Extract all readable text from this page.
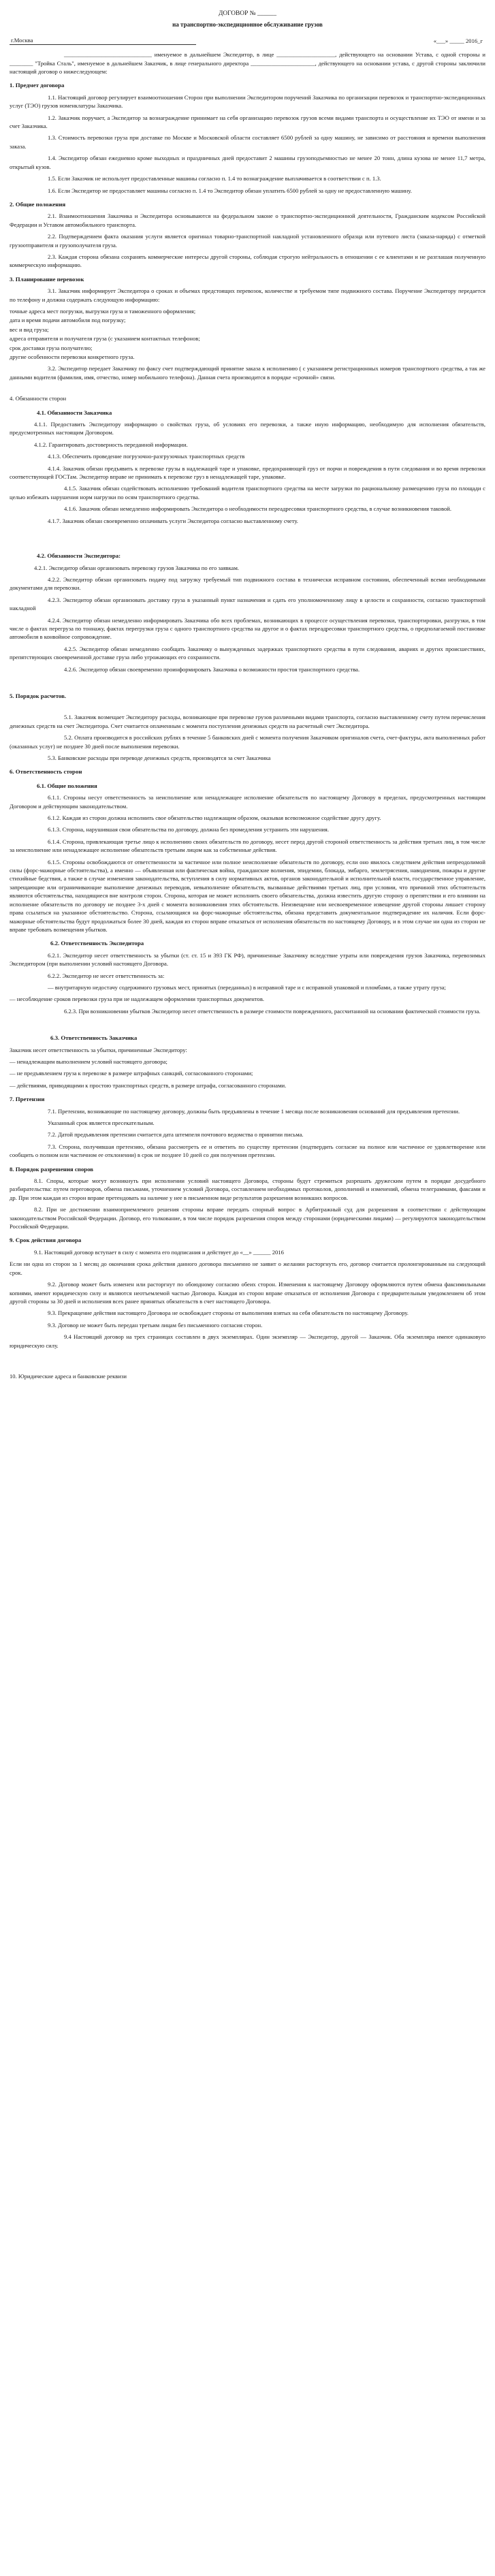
ДОГОВОР № ______
на транспортно-экспедиционное обслуживание грузов
г.Москва	«___» _____ 2016_г

______________________________ именуемое в дальнейшем Экспедитор, в лице ____________________, действующего на основании Устава, с одной стороны и ________ "Тройка Сталь", именуемое в дальнейшем Заказчик, в лице генерального директора ______________________, действующего на основании устава, с другой стороны заключили настоящий договор о нижеследующем:

1. Предмет договора

1.1. Настоящий договор регулирует взаимоотношения Сторон при выполнении Экспедитором поручений Заказчика по организации перевозок и транспортно-экспедиционных услуг (ТЭО) грузов номенклатуры Заказчика.

1.2. Заказчик поручает, а Экспедитор за вознаграждение принимает на себя организацию перевозок грузов всеми видами транспорта и осуществление их ТЭО от имени и за счет Заказчика.

1.3. Стоимость перевозки груза при доставке по Москве и Московской области составляет 6500 рублей за одну машину, не зависимо от расстояния и времени выполнения заказа.

1.4. Экспедитор обязан ежедневно кроме выходных и праздничных дней предоставит 2 машины грузоподъемностью не менее 20 тонн, длина кузова не менее 11,7 метра, открытый кузов.

1.5. Если Заказчик не использует предоставленные машины согласно п. 1.4 то вознаграждение выплачивается в соответствии с п. 1.3.

1.6. Если Экспедитор не предоставляет машины согласно п. 1.4 то Экспедитор обязан уплатить 6500 рублей за одну не предоставленную машину.

2. Общие положения

2.1. Взаимоотношения Заказчика и Экспедитора основываются на федеральном законе о транспортно-экспедиционной деятельности, Гражданским кодексом Российской Федерации и Уставом автомобильного транспорта.

2.2. Подтверждением факта оказания услуги является оригинал товарно-транспортной накладной установленного образца или путевого листа (заказа-наряда) с отметкой грузоотправителя и грузополучателя груза.

2.3. Каждая сторона обязана сохранять коммерческие интересы другой стороны, соблюдая строгую нейтральность в отношении с ее клиентами и не разглашая полученную коммерческую информацию.

3. Планирование перевозок

3.1. Заказчик информирует Экспедитора о сроках и объемах предстоящих перевозок, количестве и требуемом типе подвижного состава. Поручение Экспедитору передается по телефону и должна содержать следующую информацию:

точные адреса мест погрузки, выгрузки груза и таможенного оформления;
дата и время подачи автомобиля под погрузку;
вес и вид груза;
адреса отправителя и получателя груза (с указанием контактных телефонов;
срок доставки груза получателю;
другие особенности перевозки конкретного груза.

3.2. Экспедитор передает Заказчику по факсу счет подтверждающий принятие заказа к исполнению ( с указанием регистрационных номеров транспортного средства, а так же данными водителя (фамилия, имя, отчество, номер мобильного телефона). Данная счета производится в порядке «срочной» связи.

4. Обязанности сторон

4.1. Обязанности Заказчика

4.1.1. Предоставить Экспедитору информацию о свойствах груза, об условиях его перевозки, а также иную информацию, необходимую для исполнения обязательств, предусмотренных настоящим Договором.

4.1.2. Гарантировать достоверность переданной информации.

4.1.3. Обеспечить проведение погрузочно-разгрузочных транспортных средств

4.1.4. Заказчик обязан предъявить к перевозке грузы в надлежащей таре и упаковке, предохраняющей груз от порчи и повреждения в пути следования и во время перевозки соответствующей ГОСТам. Экспедитор вправе не принимать к перевозке груз в ненадлежащей таре, упаковке.

4.1.5. Заказчик обязан содействовать исполнению требований водителя транспортного средства на месте загрузки по рациональному размещению груза по площади с целью избежать нарушения норм нагрузки по осям транспортного средства.

4.1.6. Заказчик обязан немедленно информировать Экспедитора о необходимости переадресовки транспортного средства, в случае возникновения таковой.

4.1.7. Заказчик обязан своевременно оплачивать услуги Экспедитора согласно выставленному счету.

4.2. Обязанности Экспедитора:

4.2.1. Экспедитор обязан организовать перевозку грузов Заказчика по его заявкам.

4.2.2. Экспедитор обязан организовать подачу под загрузку требуемый тип подвижного состава в технически исправном состоянии, обеспеченный всеми необходимыми документами для перевозки.

4.2.3. Экспедитор обязан организовать доставку груза в указанный пункт назначения и сдать его уполномоченному лицу в целости и сохранности, согласно транспортной накладной

4.2.4. Экспедитор обязан немедленно информировать Заказчика обо всех проблемах, возникающих в процессе осуществления перевозки, транспортировки, разгрузки, в том числе о фактах перегруза по тоннажу, фактах перегрузки груза с одного транспортного средства на другое и о фактах переадресовки транспортного средства, о предполагаемой постановке автомобиля в конвойное сопровождение.

4.2.5. Экспедитор обязан немедленно сообщать Заказчику о вынужденных задержках транспортного средства в пути следования, авариях и других происшествиях, препятствующих своевременной доставке груза либо угрожающих его сохранности.

4.2.6. Экспедитор обязан своевременно проинформировать Заказчика о возможности простоя транспортного средства.

5. Порядок расчетов.

5.1. Заказчик возмещает Экспедитору расходы, возникающие при перевозке грузов различными видами транспорта, согласно выставленному счету путем перечисления денежных средств на счет Экспедитора. Счет считается оплаченным с момента поступления денежных средств на расчетный счет Экспедитора.

5.2. Оплата производится в российских рублях в течение 5 банковских дней с момента получения Заказчиком оригиналов счета, счет-фактуры, акта выполненных работ (оказанных услуг) не позднее 30 дней после выполнения перевозки.

5.3. Банковские расходы при переводе денежных средств, производятся за счет Заказчика

6. Ответственность сторон
6.1. Общие положения

6.1.1. Стороны несут ответственность за неисполнение или ненадлежащее исполнение обязательств по настоящему Договору в пределах, предусмотренных настоящим Договором и действующим законодательством.

6.1.2. Каждая из сторон должна исполнить свое обязательство надлежащим образом, оказывая всевозможное содействие другу другу.

6.1.3. Сторона, нарушившая свои обязательства по договору, должна без промедления устранить эти нарушения.

6.1.4. Сторона, привлекающая третье лицо к исполнению своих обязательств по договору, несет перед другой стороной ответственность за действия третьих лиц, в том числе за неисполнение или ненадлежащее исполнение обязательств третьим лицом как за собственные действия.

6.1.5. Стороны освобождаются от ответственности за частичное или полное неисполнение обязательств по договору, если оно явилось следствием действия непреодолимой силы (форс-мажорные обстоятельства), а именно — объявленная или фактическая война, гражданские волнения, эпидемии, блокада, эмбарго, землетрясения, наводнения, пожары и другие стихийные бедствия, а также в случае изменения законодательства, вступления в силу нормативных актов, органов законодательной и исполнительной власти, государственное управление, запрещающие или ограничивающие выполнение денежных переводов, невыполнение обязательств, вызванные действиями третьих лиц, при условии, что причиной этих обстоятельств являются обстоятельства, находящиеся вне контроля сторон. Сторона, которая не может исполнить своего обязательства, должна известить другую сторону о препятствии и его влиянии на исполнение обязательств по договору не позднее 3-х дней с момента возникновения этих обстоятельств. Неизвещение или несвоевременное извещение другой стороны лишает сторону права ссылаться на указанное обстоятельство. Сторона, ссылающаяся на форс-мажорные обстоятельства, обязана представить документальное подтверждение их наличия. Если форс-мажорные обстоятельства будут продолжаться более 30 дней, каждая из сторон вправе отказаться от исполнения обязательств по настоящему Договору, и в этом случае ни одна из сторон не вправе требовать возмещения убытков.

6.2. Ответственность Экспедитора

6.2.1. Экспедитор несет ответственность за убытки (ст. ст. 15 и 393 ГК РФ), причиненные Заказчику вследствие утраты или повреждения грузов Заказчика, перевозимых Экспедитором (при выполнении условий настоящего Договора.

6.2.2. Экспедитор не несет ответственность за:

— внутритарную недостачу содержимого грузовых мест, принятых (переданных) в исправной таре и с исправной упаковкой и пломбами, а также утрату груза;

— несоблюдение сроков перевозки груза при не надлежащем оформлении транспортных документов.

6.2.3. При возникновении убытков Экспедитор несет ответственность в размере стоимости поврежденного, рассчитанной на основании фактической стоимости груза.

6.3. Ответственность Заказчика

Заказчик несет ответственность за убытки, причиненные Экспедитору:

— ненадлежащим выполнением условий настоящего договора;

— не предъявлением груза к перевозке в размере штрафных санкций, согласованного сторонами;

— действиями, приводящими к простою транспортных средств, в размере штрафа, согласованного сторонами.

7. Претензии

7.1. Претензии, возникающие по настоящему договору, должны быть предъявлены в течение 1 месяца после возникновения оснований для предъявления претензии.

Указанный срок является пресекательным.

7.2. Датой предъявления претензии считается дата штемпеля почтового ведомства о принятии письма.

7.3. Сторона, получившая претензию, обязана рассмотреть ее и ответить по существу претензии (подтвердить согласие на полное или частичное ее удовлетворение или сообщить о полном или частичном ее отклонении) в срок не позднее 10 дней со дня получения претензии.

8. Порядок разрешения споров

8.1. Споры, которые могут возникнуть при исполнении условий настоящего Договора, стороны будут стремиться разрешать дружеским путем в порядке досудебного разбирательства: путем переговоров, обмена письмами, уточнением условий Договора, составлением необходимых протоколов, дополнений и изменений, обмена телеграммами, факсами и др. При этом каждая из сторон вправе претендовать на наличие у нее в письменном виде результатов разрешения возникших вопросов.

8.2. При не достижении взаимоприемлемого решения стороны вправе передать спорный вопрос в Арбитражный суд для разрешения в соответствии с действующим законодательством Российской Федерации. Договор, его толкование, в том числе порядок разрешения споров между сторонами (юридическими лицами) — регулируются законодательством Российской Федерации.

9. Срок действия договора

9.1. Настоящий договор вступает в силу с момента его подписания и действует до «__» ______ 2016

Если ни одна из сторон за 1 месяц до окончания срока действия данного договора письменно не заявит о желании расторгнуть его, договор считается пролонгированным на следующий срок.

9.2. Договор может быть изменен или расторгнут по обоюдному согласию обеих сторон. Изменения к настоящему Договору оформляются путем обмена факсимильными копиями, имеют юридическую силу и являются неотъемлемой частью Договора. Каждая из сторон вправе отказаться от исполнения Договора с предварительным уведомлением об этом другой стороны за 30 дней и исполнения всех ранее принятых обязательств в счет настоящего Договора.

9.3. Прекращение действия настоящего Договора не освобождает стороны от выполнения взятых на себя обязательств по настоящему Договору.

9.3. Договор не может быть передан третьим лицам без письменного согласия сторон.

9.4 Настоящий договор на трех страницах составлен в двух экземплярах. Один экземпляр — Экспедитор, другой — Заказчик. Оба экземпляра имеют одинаковую юридическую силу.

10. Юридические адреса и банковские реквизи
